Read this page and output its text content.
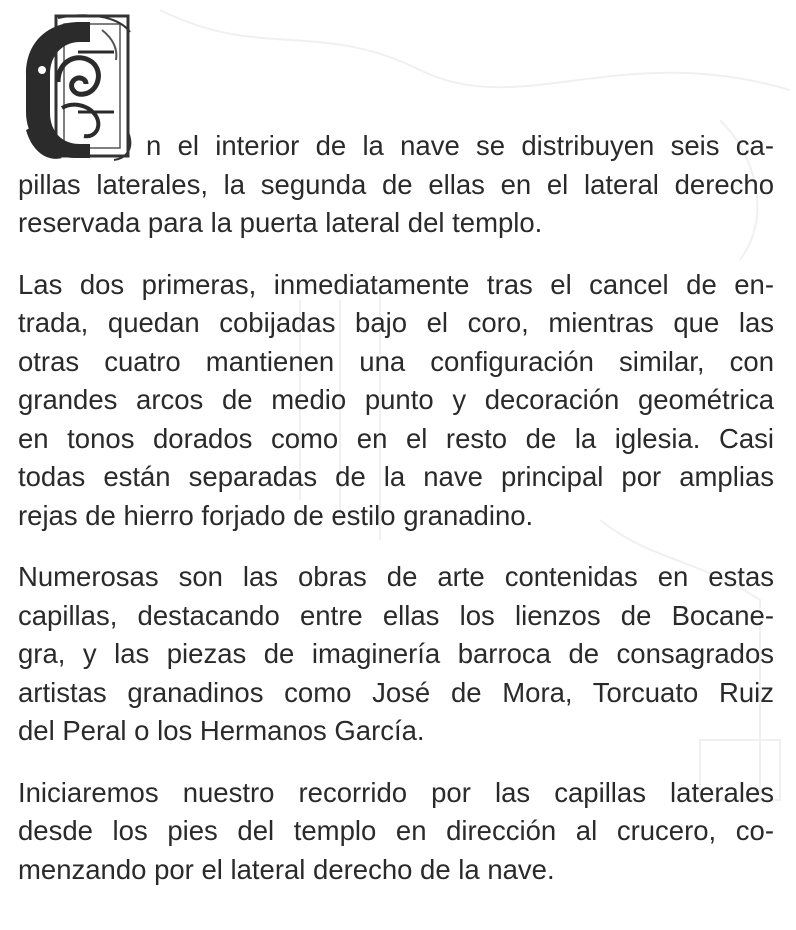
n el interior de la nave se distribuyen seis ca-
pillas laterales, la segunda de ellas en el lateral derecho
reservada para la puerta lateral del templo.
Las dos primeras, inmediatamente tras el cancel de en-
trada, quedan cobijadas bajo el coro, mientras que las
otras cuatro mantienen una configuración similar, con
grandes arcos de medio punto y decoración geométrica
en tonos dorados como en el resto de la iglesia. Casi
todas están separadas de la nave principal por amplias
rejas de hierro forjado de estilo granadino.
Numerosas son las obras de arte contenidas en estas
capillas, destacando entre ellas los lienzos de Bocane-
gra, y las piezas de imaginería barroca de consagrados
artistas granadinos como José de Mora, Torcuato Ruiz
del Peral o los Hermanos García.
Iniciaremos nuestro recorrido por las capillas laterales
desde los pies del templo en dirección al crucero, co-
menzando por el lateral derecho de la nave.
